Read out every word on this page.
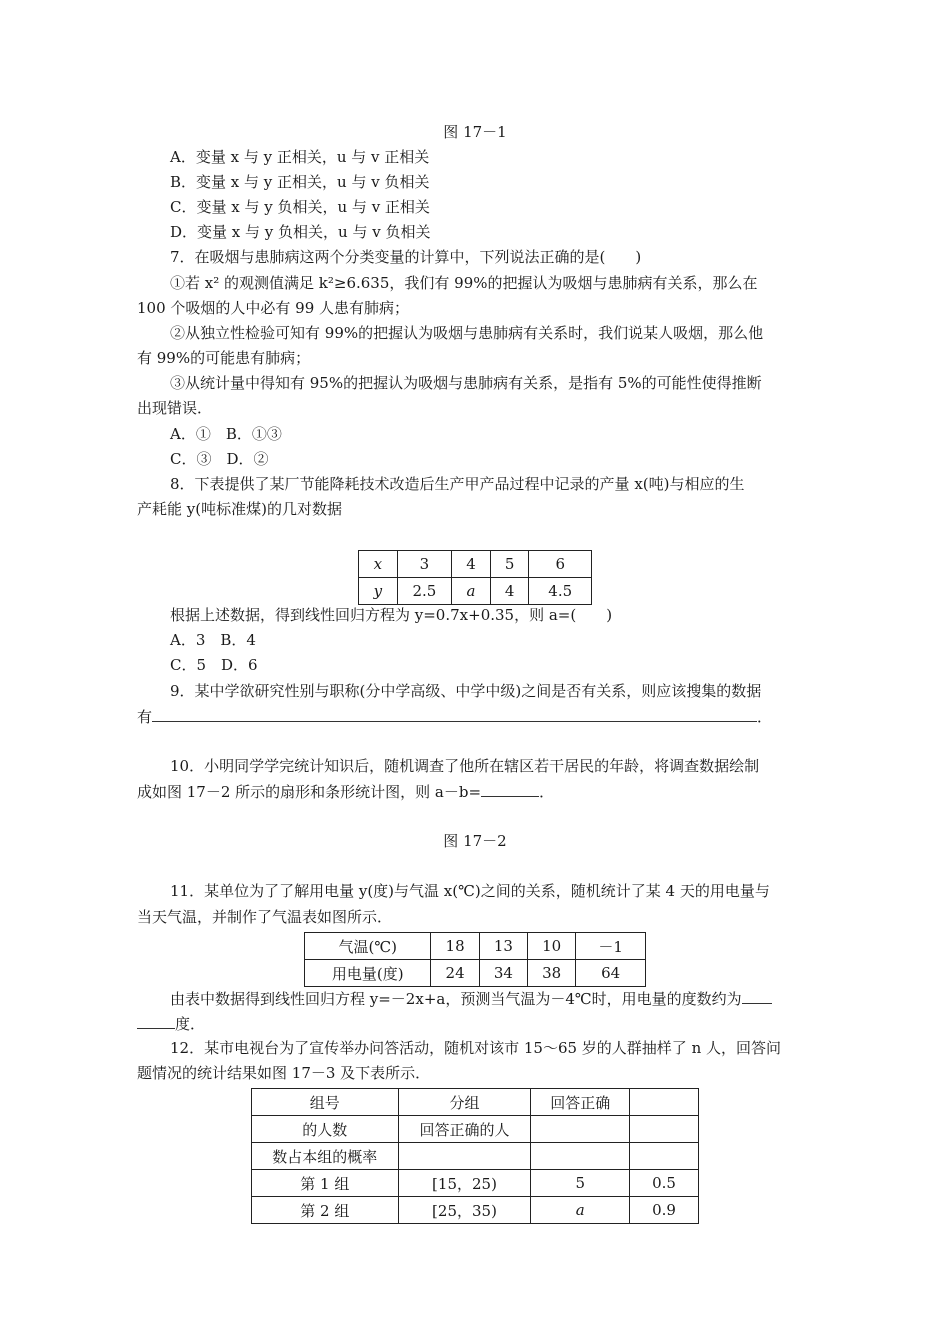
图 17－1
A．变量 x 与 y 正相关，u 与 v 正相关
B．变量 x 与 y 正相关，u 与 v 负相关
C．变量 x 与 y 负相关，u 与 v 正相关
D．变量 x 与 y 负相关，u 与 v 负相关
7．在吸烟与患肺病这两个分类变量的计算中，下列说法正确的是(　　)
①若 x² 的观测值满足 k²≥6.635，我们有 99%的把握认为吸烟与患肺病有关系，那么在
100 个吸烟的人中必有 99 人患有肺病；
②从独立性检验可知有 99%的把握认为吸烟与患肺病有关系时，我们说某人吸烟，那么他
有 99%的可能患有肺病；
③从统计量中得知有 95%的把握认为吸烟与患肺病有关系，是指有 5%的可能性使得推断
出现错误．
A．①　B．①③
C．③　D．②
8．下表提供了某厂节能降耗技术改造后生产甲产品过程中记录的产量 x(吨)与相应的生
产耗能 y(吨标准煤)的几对数据
x	3	4	5	6
y	2.5	a	4	4.5
根据上述数据，得到线性回归方程为 y=0.7x+0.35，则 a=(　　)
A．3　B．4
C．5　D．6
9．某中学欲研究性别与职称(分中学高级、中学中级)之间是否有关系，则应该搜集的数据
有	．
10．小明同学学完统计知识后，随机调查了他所在辖区若干居民的年龄，将调查数据绘制
成如图 17－2 所示的扇形和条形统计图，则 a－b=	．
图 17－2
11．某单位为了了解用电量 y(度)与气温 x(℃)之间的关系，随机统计了某 4 天的用电量与
当天气温，并制作了气温表如图所示．
气温(℃)	18	13	10	－1
用电量(度)	24	34	38	64
由表中数据得到线性回归方程 y=－2x+a，预测当气温为－4℃时，用电量的度数约为
度．
12．某市电视台为了宣传举办问答活动，随机对该市 15～65 岁的人群抽样了 n 人，回答问
题情况的统计结果如图 17－3 及下表所示．
组号	分组	回答正确	
的人数	回答正确的人		
数占本组的概率			
第 1 组	[15，25)	5	0.5
第 2 组	[25，35)	a	0.9
